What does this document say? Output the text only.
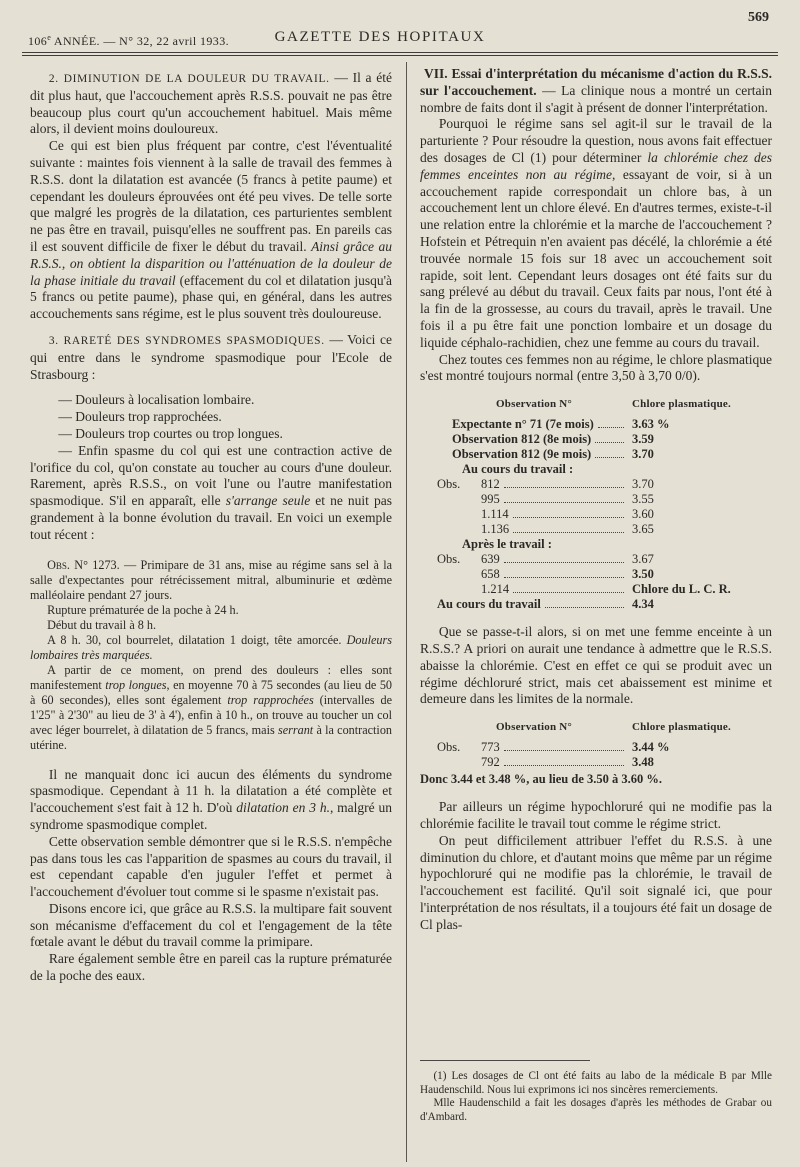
106e ANNÉE. — N° 32, 22 avril 1933.	GAZETTE DES HOPITAUX
569

2. DIMINUTION DE LA DOULEUR DU TRAVAIL. — Il a été dit plus haut, que l'accouchement après R.S.S. pouvait ne pas être beaucoup plus court qu'un accouchement habituel. Mais même alors, il devient moins douloureux.

Ce qui est bien plus fréquent par contre, c'est l'éventualité suivante : maintes fois viennent à la salle de travail des femmes à R.S.S. dont la dilatation est avancée (5 francs à petite paume) et cependant les douleurs éprouvées ont été peu vives. De telle sorte que malgré les progrès de la dilatation, ces parturientes semblent ne pas être en travail, puisqu'elles ne souffrent pas. En pareils cas il est souvent difficile de fixer le début du travail. Ainsi grâce au R.S.S., on obtient la disparition ou l'atténuation de la douleur de la phase initiale du travail (effacement du col et dilatation jusqu'à 5 francs ou petite paume), phase qui, en général, dans les autres accouchements sans régime, est le plus souvent très douloureuse.

3. RARETÉ DES SYNDROMES SPASMODIQUES. — Voici ce qui entre dans le syndrome spasmodique pour l'Ecole de Strasbourg :

— Douleurs à localisation lombaire.

— Douleurs trop rapprochées.

— Douleurs trop courtes ou trop longues.

— Enfin spasme du col qui est une contraction active de l'orifice du col, qu'on constate au toucher au cours d'une douleur. Rarement, après R.S.S., on voit l'une ou l'autre manifestation spasmodique. S'il en apparaît, elle s'arrange seule et ne nuit pas grandement à la bonne évolution du travail. En voici un exemple tout récent :

Obs. N° 1273. — Primipare de 31 ans, mise au régime sans sel à la salle d'expectantes pour rétrécissement mitral, albuminurie et œdème malléolaire pendant 27 jours.

Rupture prématurée de la poche à 24 h.

Début du travail à 8 h.

A 8 h. 30, col bourrelet, dilatation 1 doigt, tête amorcée. Douleurs lombaires très marquées.

A partir de ce moment, on prend des douleurs : elles sont manifestement trop longues, en moyenne 70 à 75 secondes (au lieu de 50 à 60 secondes), elles sont également trop rapprochées (intervalles de 1'25" à 2'30" au lieu de 3' à 4'), enfin à 10 h., on trouve au toucher un col avec léger bourrelet, à dilatation de 5 francs, mais serrant à la contraction utérine.

Il ne manquait donc ici aucun des éléments du syndrome spasmodique. Cependant à 11 h. la dilatation a été complète et l'accouchement s'est fait à 12 h. D'où dilatation en 3 h., malgré un syndrome spasmodique complet.

Cette observation semble démontrer que si le R.S.S. n'empêche pas dans tous les cas l'apparition de spasmes au cours du travail, il est cependant capable d'en juguler l'effet et permet à l'accouchement d'évoluer tout comme si le spasme n'existait pas.

Disons encore ici, que grâce au R.S.S. la multipare fait souvent son mécanisme d'effacement du col et l'engagement de la tête fœtale avant le début du travail comme la primipare.

Rare également semble être en pareil cas la rupture prématurée de la poche des eaux.

VII. Essai d'interprétation du mécanisme d'action du R.S.S. sur l'accouchement. — La clinique nous a montré un certain nombre de faits dont il s'agit à présent de donner l'interprétation.

Pourquoi le régime sans sel agit-il sur le travail de la parturiente ? Pour résoudre la question, nous avons fait effectuer des dosages de Cl (1) pour déterminer la chlorémie chez des femmes enceintes non au régime, essayant de voir, si à un accouchement rapide correspondait un chlore bas, à un accouchement lent un chlore élevé. En d'autres termes, existe-t-il une relation entre la chlorémie et la marche de l'accouchement ? Hofstein et Pétrequin n'en avaient pas décélé, la chlorémie a été trouvée normale 15 fois sur 18 avec un accouchement soit rapide, soit lent. Cependant leurs dosages ont été faits sur du sang prélevé au début du travail. Ceux faits par nous, l'ont été à la fin de la grossesse, au cours du travail, après le travail. Une fois il a pu être fait une ponction lombaire et un dosage du liquide céphalo-rachidien, chez une femme au cours du travail.

Chez toutes ces femmes non au régime, le chlore plasmatique s'est montré toujours normal (entre 3,50 à 3,70 0/0).

Observation N°	Chlore plasmatique.
Expectante n° 71 (7e mois)	3.63 %
Observation 812 (8e mois)	3.59
Observation 812 (9e mois)	3.70
Au cours du travail :
Obs.	812	3.70
995	3.55
1.114	3.60
1.136	3.65
Après le travail :
Obs.	639	3.67
658	3.50
1.214	Chlore du L. C. R.
Au cours du travail	4.34

Que se passe-t-il alors, si on met une femme enceinte à un R.S.S.? A priori on aurait une tendance à admettre que le R.S.S. abaisse la chlorémie. C'est en effet ce qui se produit avec un régime déchloruré strict, mais cet abaissement est minime et demeure dans les limites de la normale.

Observation N°	Chlore plasmatique.
Obs.	773	3.44 %
792	3.48
Donc 3.44 et 3.48 %, au lieu de 3.50 à 3.60 %.

Par ailleurs un régime hypochloruré qui ne modifie pas la chlorémie facilite le travail tout comme le régime strict.

On peut difficilement attribuer l'effet du R.S.S. à une diminution du chlore, et d'autant moins que même par un régime hypochloruré qui ne modifie pas la chlorémie, le travail de l'accouchement est facilité. Qu'il soit signalé ici, que pour l'interprétation de nos résultats, il a toujours été fait un dosage de Cl plas-

(1) Les dosages de Cl ont été faits au labo de la médicale B par Mlle Haudenschild. Nous lui exprimons ici nos sincères remerciements.

Mlle Haudenschild a fait les dosages d'après les méthodes de Grabar ou d'Ambard.
